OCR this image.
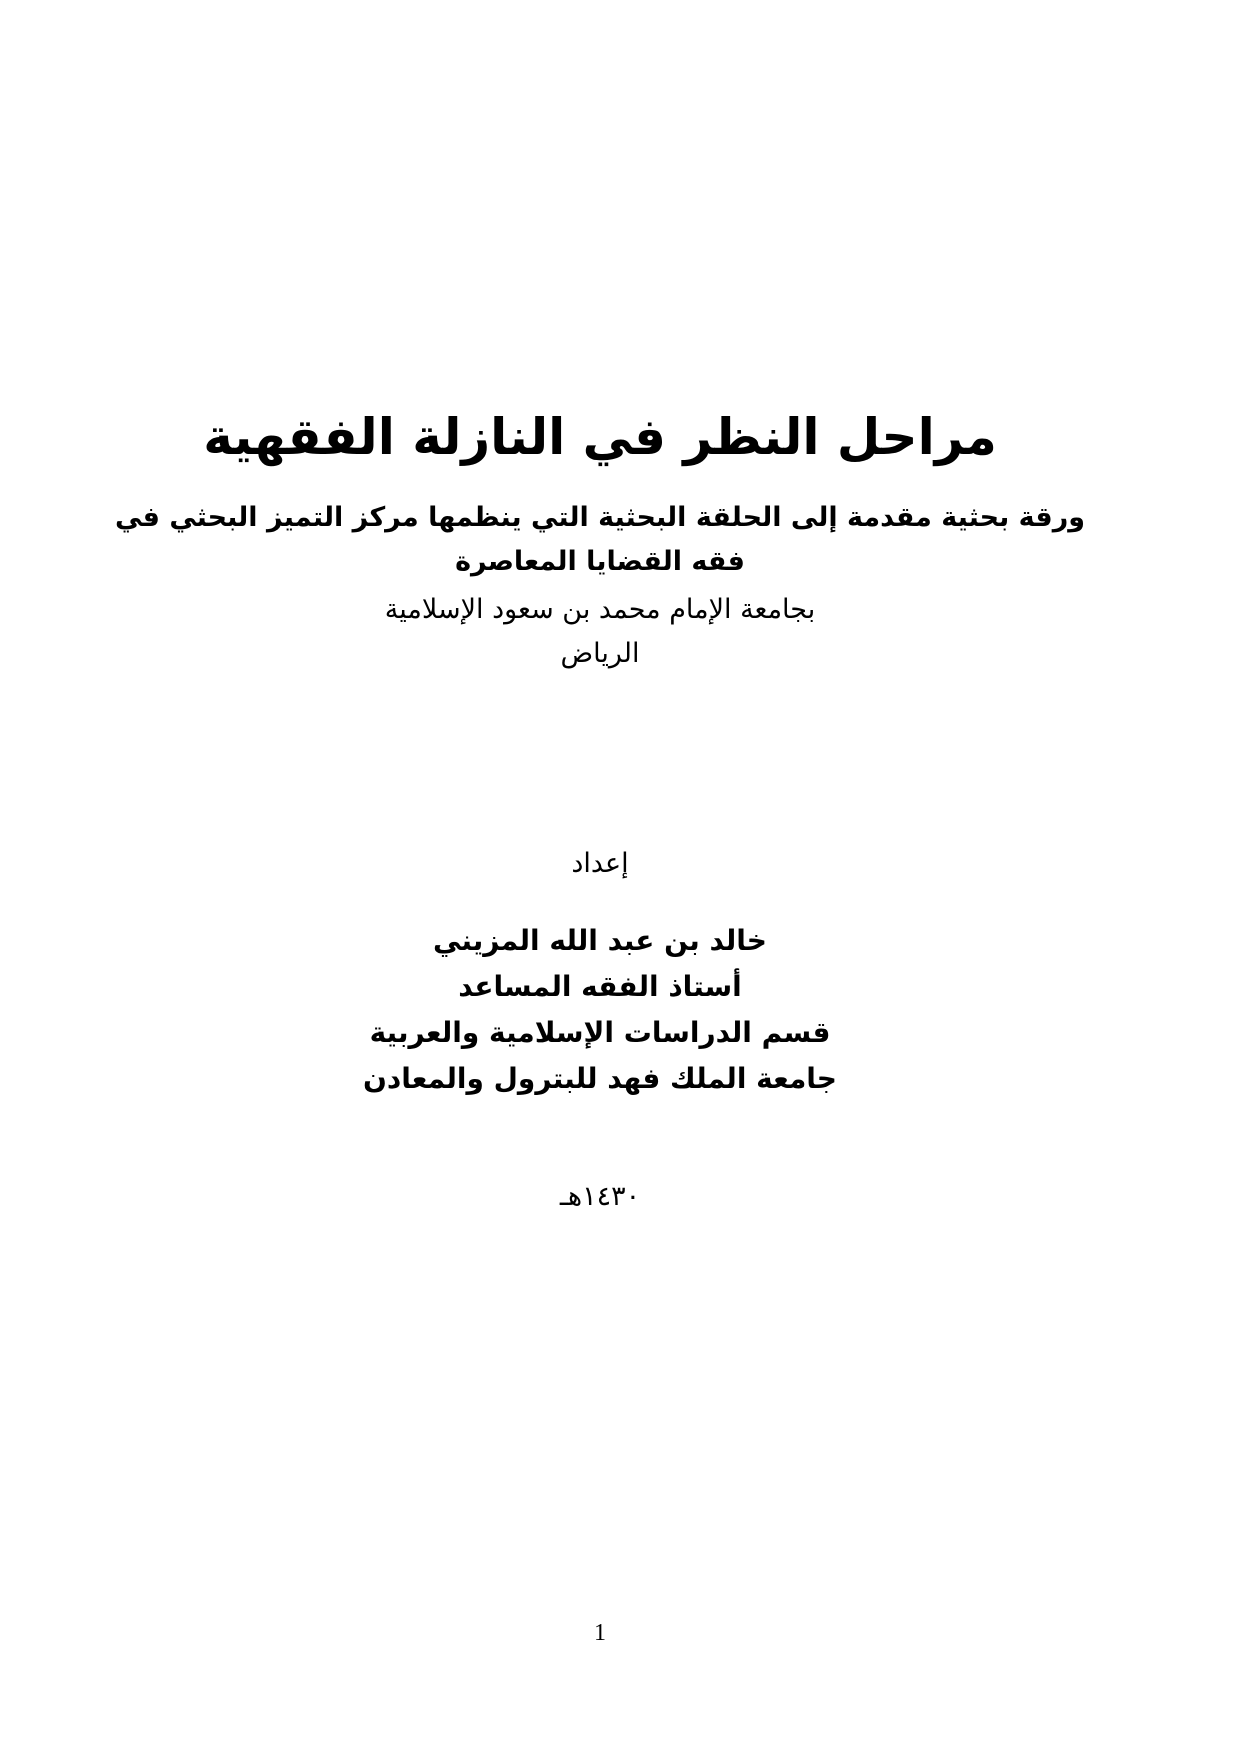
مراحل النظر في النازلة الفقهية
ورقة بحثية مقدمة إلى الحلقة البحثية التي ينظمها مركز التميز البحثي في
فقه القضايا المعاصرة
بجامعة الإمام محمد بن سعود الإسلامية
الرياض
إعداد
خالد بن عبد الله المزيني
أستاذ الفقه المساعد
قسم الدراسات الإسلامية والعربية
جامعة الملك فهد للبترول والمعادن
١٤٣٠هـ
1
